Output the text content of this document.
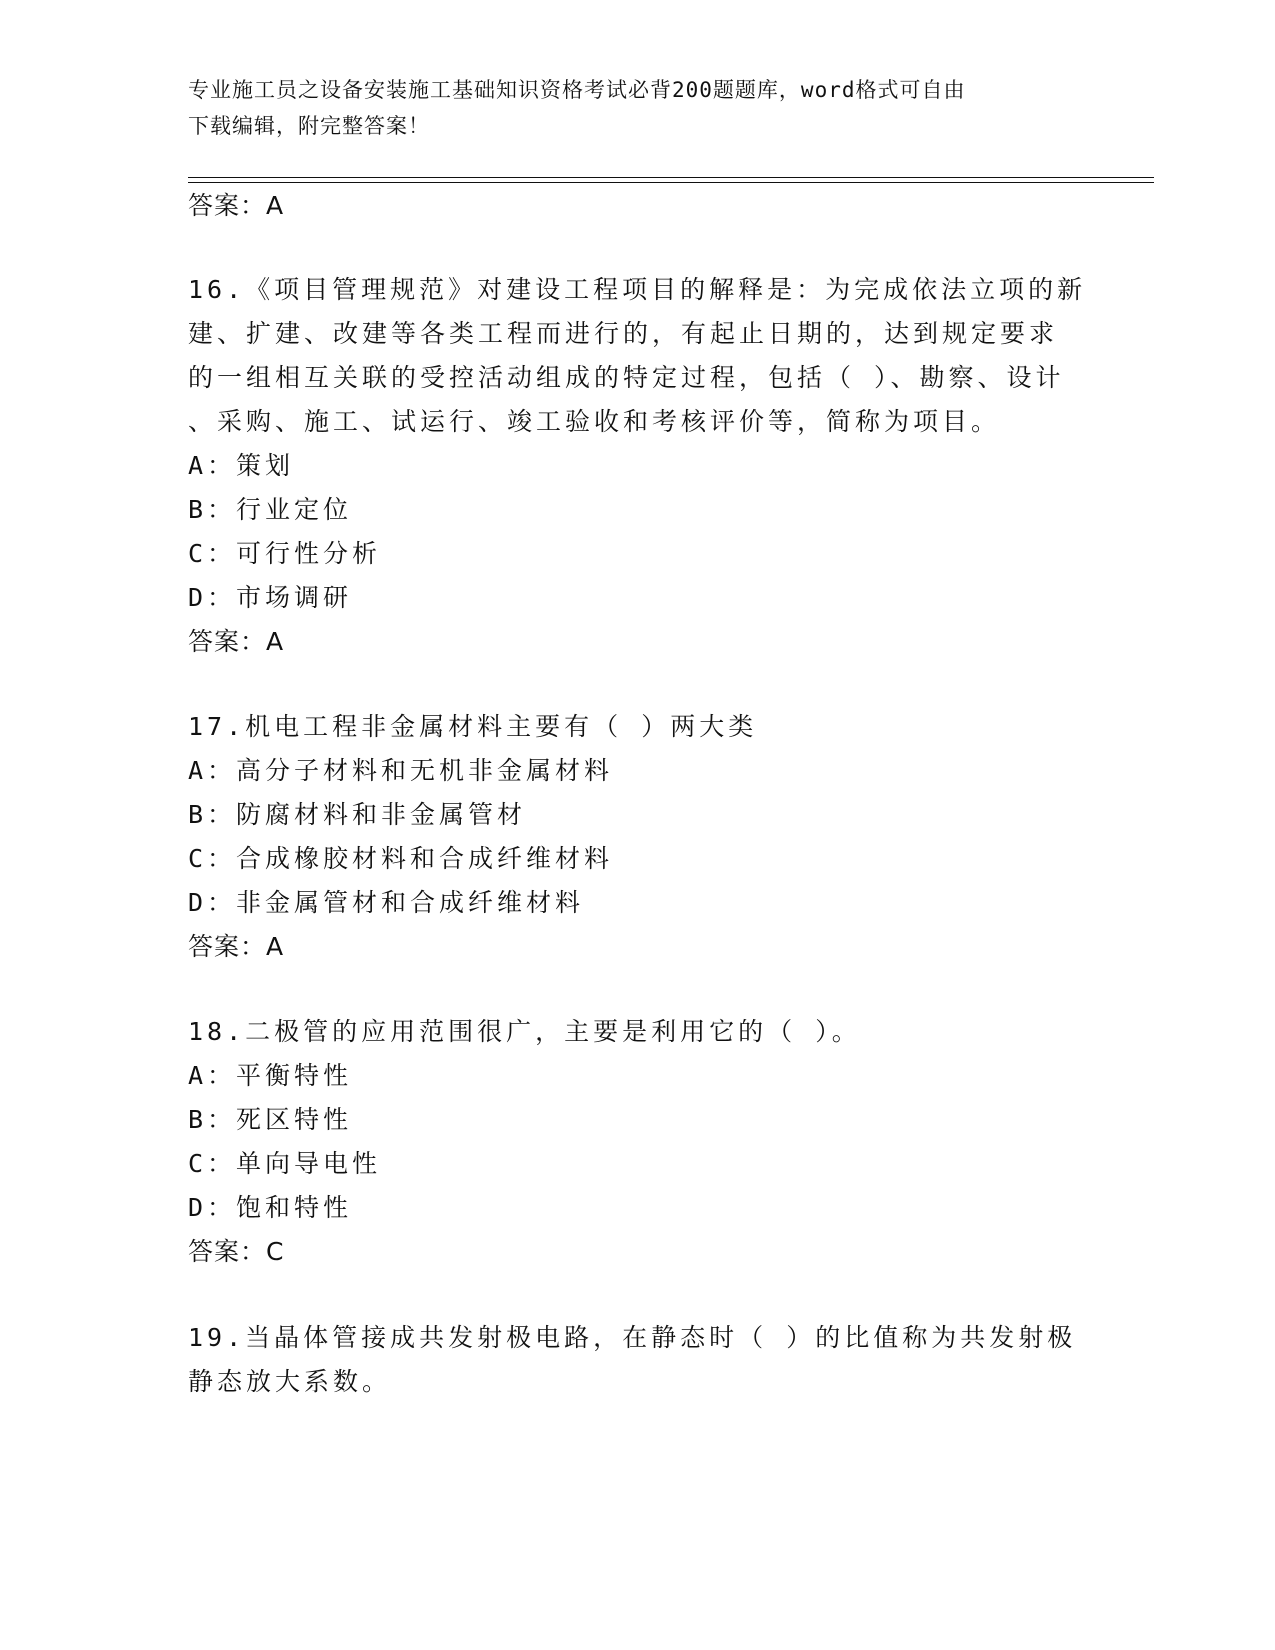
专业施工员之设备安装施工基础知识资格考试必背200题题库，word格式可自由
下载编辑，附完整答案！
答案：A
16.《项目管理规范》对建设工程项目的解释是：为完成依法立项的新
建、扩建、改建等各类工程而进行的，有起止日期的，达到规定要求
的一组相互关联的受控活动组成的特定过程，包括（ ）、勘察、设计
、采购、施工、试运行、竣工验收和考核评价等，简称为项目。
A：策划
B：行业定位
C：可行性分析
D：市场调研
答案：A
17.机电工程非金属材料主要有（ ）两大类
A：高分子材料和无机非金属材料
B：防腐材料和非金属管材
C：合成橡胶材料和合成纤维材料
D：非金属管材和合成纤维材料
答案：A
18.二极管的应用范围很广，主要是利用它的（ ）。
A：平衡特性
B：死区特性
C：单向导电性
D：饱和特性
答案：C
19.当晶体管接成共发射极电路，在静态时（ ）的比值称为共发射极
静态放大系数。
